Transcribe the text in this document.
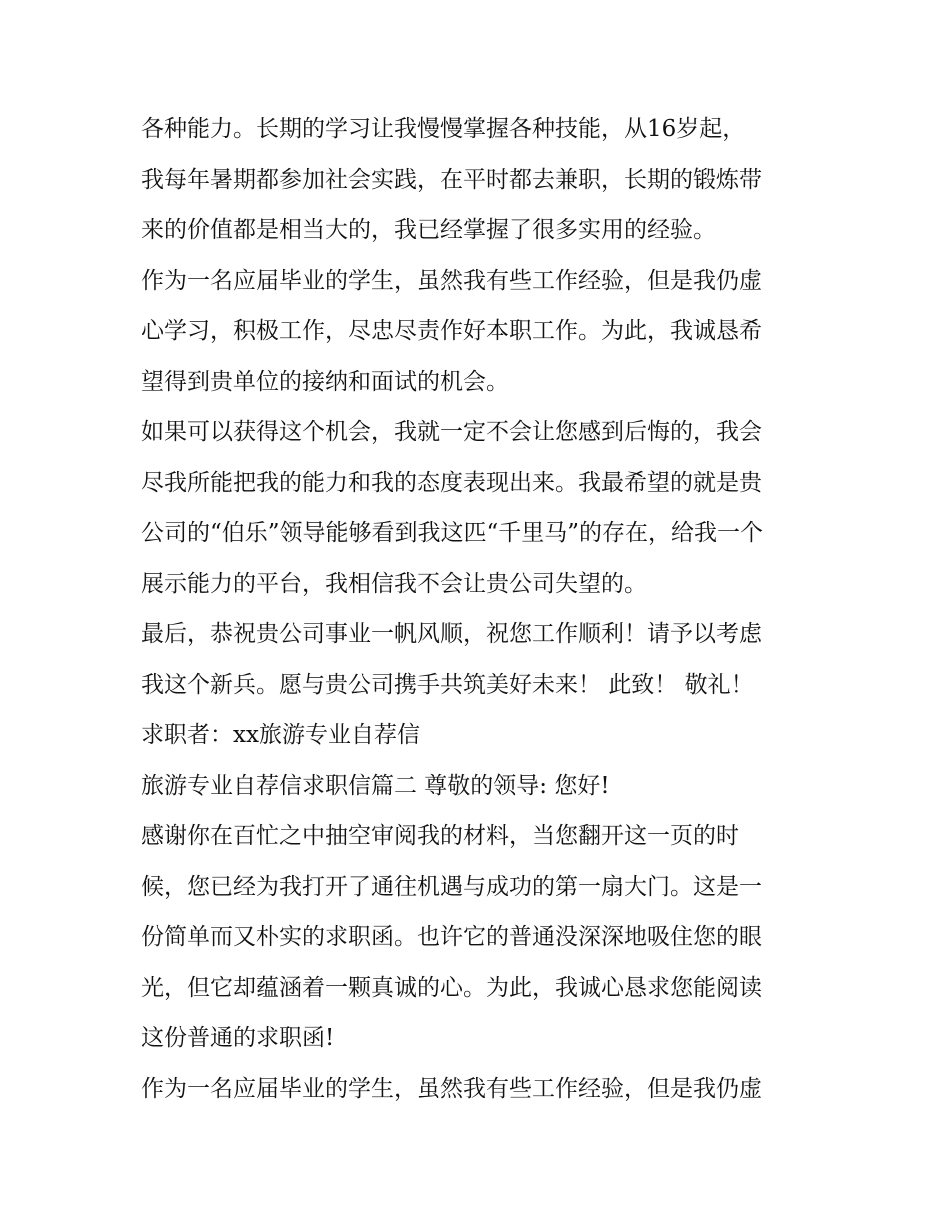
各种能力。长期的学习让我慢慢掌握各种技能，从16岁起，
我每年暑期都参加社会实践，在平时都去兼职，长期的锻炼带
来的价值都是相当大的，我已经掌握了很多实用的经验。
作为一名应届毕业的学生，虽然我有些工作经验，但是我仍虚
心学习，积极工作，尽忠尽责作好本职工作。为此，我诚恳希
望得到贵单位的接纳和面试的机会。
如果可以获得这个机会，我就一定不会让您感到后悔的，我会
尽我所能把我的能力和我的态度表现出来。我最希望的就是贵
公司的“伯乐”领导能够看到我这匹“千里马”的存在，给我一个
展示能力的平台，我相信我不会让贵公司失望的。
最后，恭祝贵公司事业一帆风顺，祝您工作顺利！请予以考虑
我这个新兵。愿与贵公司携手共筑美好未来！ 此致！ 敬礼！
求职者：xx旅游专业自荐信
旅游专业自荐信求职信篇二 尊敬的领导: 您好!
感谢你在百忙之中抽空审阅我的材料，当您翻开这一页的时
候，您已经为我打开了通往机遇与成功的第一扇大门。这是一
份简单而又朴实的求职函。也许它的普通没深深地吸住您的眼
光，但它却蕴涵着一颗真诚的心。为此，我诚心恳求您能阅读
这份普通的求职函!
作为一名应届毕业的学生，虽然我有些工作经验，但是我仍虚
